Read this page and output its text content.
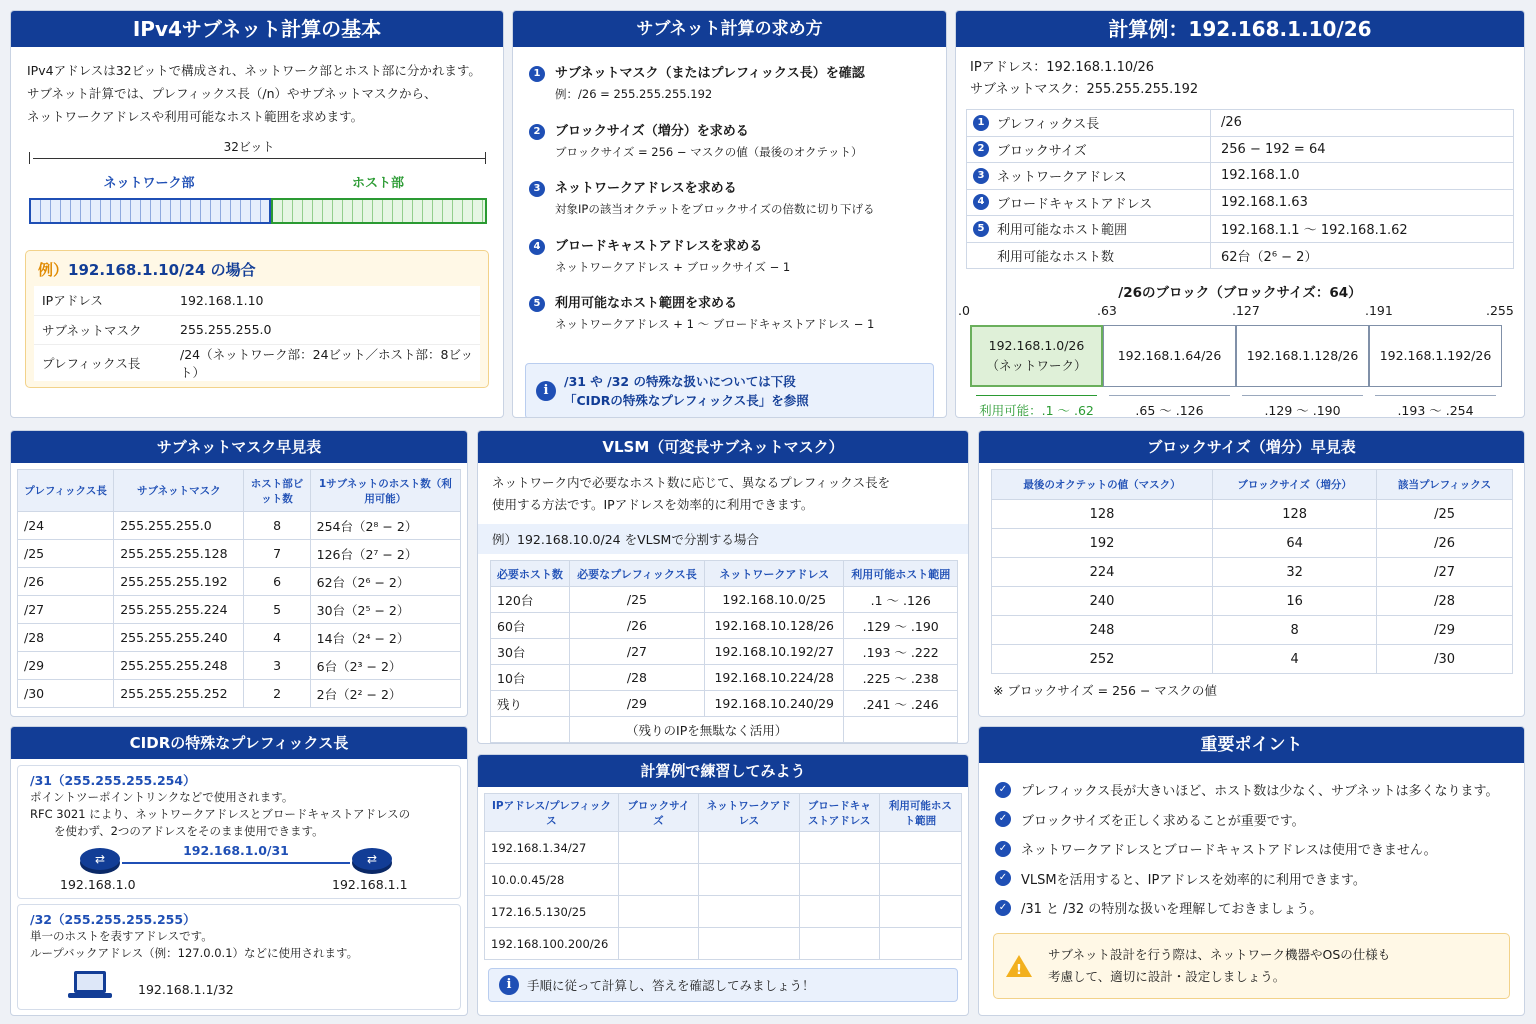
IPv4サブネット計算の基本
IPv4アドレスは32ビットで構成され、ネットワーク部とホスト部に分かれます。
サブネット計算では、プレフィックス長（/n）やサブネットマスクから、
ネットワークアドレスや利用可能なホスト範囲を求めます。
32ビット
ネットワーク部	ホスト部
例）192.168.1.10/24 の場合
IPアドレス	192.168.1.10
サブネットマスク	255.255.255.0
プレフィックス長	/24（ネットワーク部：24ビット／ホスト部：8ビット）
サブネット計算の求め方
1	サブネットマスク（またはプレフィックス長）を確認
例：/26 = 255.255.255.192
2	ブロックサイズ（増分）を求める
ブロックサイズ = 256 − マスクの値（最後のオクテット）
3	ネットワークアドレスを求める
対象IPの該当オクテットをブロックサイズの倍数に切り下げる
4	ブロードキャストアドレスを求める
ネットワークアドレス + ブロックサイズ − 1
5	利用可能なホスト範囲を求める
ネットワークアドレス + 1 〜 ブロードキャストアドレス − 1
i
/31 や /32 の特殊な扱いについては下段
「CIDRの特殊なプレフィックス長」を参照
計算例：192.168.1.10/26
IPアドレス：192.168.1.10/26
サブネットマスク：255.255.255.192
1 プレフィックス長	/26

2 ブロックサイズ	256 − 192 = 64

3 ネットワークアドレス	192.168.1.0

4 ブロードキャストアドレス	192.168.1.63

5 利用可能なホスト範囲	192.168.1.1 〜 192.168.1.62

利用可能なホスト数	62台（2⁶ − 2）
/26のブロック（ブロックサイズ：64）
.0	.63	.127	.191	.255
192.168.1.0/26
（ネットワーク）
利用可能：.1 〜 .62
192.168.1.64/26
.65 〜 .126
192.168.1.128/26
.129 〜 .190
192.168.1.192/26
.193 〜 .254
サブネットマスク早見表
プレフィックス長	サブネットマスク	ホスト部ビット数	1サブネットのホスト数（利用可能）
/24	255.255.255.0	8	254台（2⁸ − 2）
/25	255.255.255.128	7	126台（2⁷ − 2）
/26	255.255.255.192	6	62台（2⁶ − 2）
/27	255.255.255.224	5	30台（2⁵ − 2）
/28	255.255.255.240	4	14台（2⁴ − 2）
/29	255.255.255.248	3	6台（2³ − 2）
/30	255.255.255.252	2	2台（2² − 2）
VLSM（可変長サブネットマスク）
ネットワーク内で必要なホスト数に応じて、異なるプレフィックス長を
使用する方法です。IPアドレスを効率的に利用できます。
例）192.168.10.0/24 をVLSMで分割する場合
必要ホスト数	必要なプレフィックス長	ネットワークアドレス	利用可能ホスト範囲
120台	/25	192.168.10.0/25	.1 〜 .126
60台	/26	192.168.10.128/26	.129 〜 .190
30台	/27	192.168.10.192/27	.193 〜 .222
10台	/28	192.168.10.224/28	.225 〜 .238
残り	/29	192.168.10.240/29	.241 〜 .246
	（残りのIPを無駄なく活用）		
ブロックサイズ（増分）早見表
最後のオクテットの値（マスク）	ブロックサイズ（増分）	該当プレフィックス
128	128	/25
192	64	/26
224	32	/27
240	16	/28
248	8	/29
252	4	/30
※ ブロックサイズ = 256 − マスクの値
CIDRの特殊なプレフィックス長
/31（255.255.255.254）
ポイントツーポイントリンクなどで使用されます。
RFC 3021 により、ネットワークアドレスとブロードキャストアドレスの
を使わず、2つのアドレスをそのまま使用できます。
⇄	⇄
192.168.1.0/31
192.168.1.0	192.168.1.1
/32（255.255.255.255）
単一のホストを表すアドレスです。
ループバックアドレス（例：127.0.0.1）などに使用されます。
192.168.1.1/32
計算例で練習してみよう
IPアドレス/プレフィックス	ブロックサイズ	ネットワークアドレス	ブロードキャストアドレス	利用可能ホスト範囲
192.168.1.34/27				
10.0.0.45/28				
172.16.5.130/25				
192.168.100.200/26				
i	手順に従って計算し、答えを確認してみましょう！
重要ポイント
✓ プレフィックス長が大きいほど、ホスト数は少なく、サブネットは多くなります。
✓ ブロックサイズを正しく求めることが重要です。
✓ ネットワークアドレスとブロードキャストアドレスは使用できません。
✓ VLSMを活用すると、IPアドレスを効率的に利用できます。
✓ /31 と /32 の特別な扱いを理解しておきましょう。
!
サブネット設計を行う際は、ネットワーク機器やOSの仕様も
考慮して、適切に設計・設定しましょう。
